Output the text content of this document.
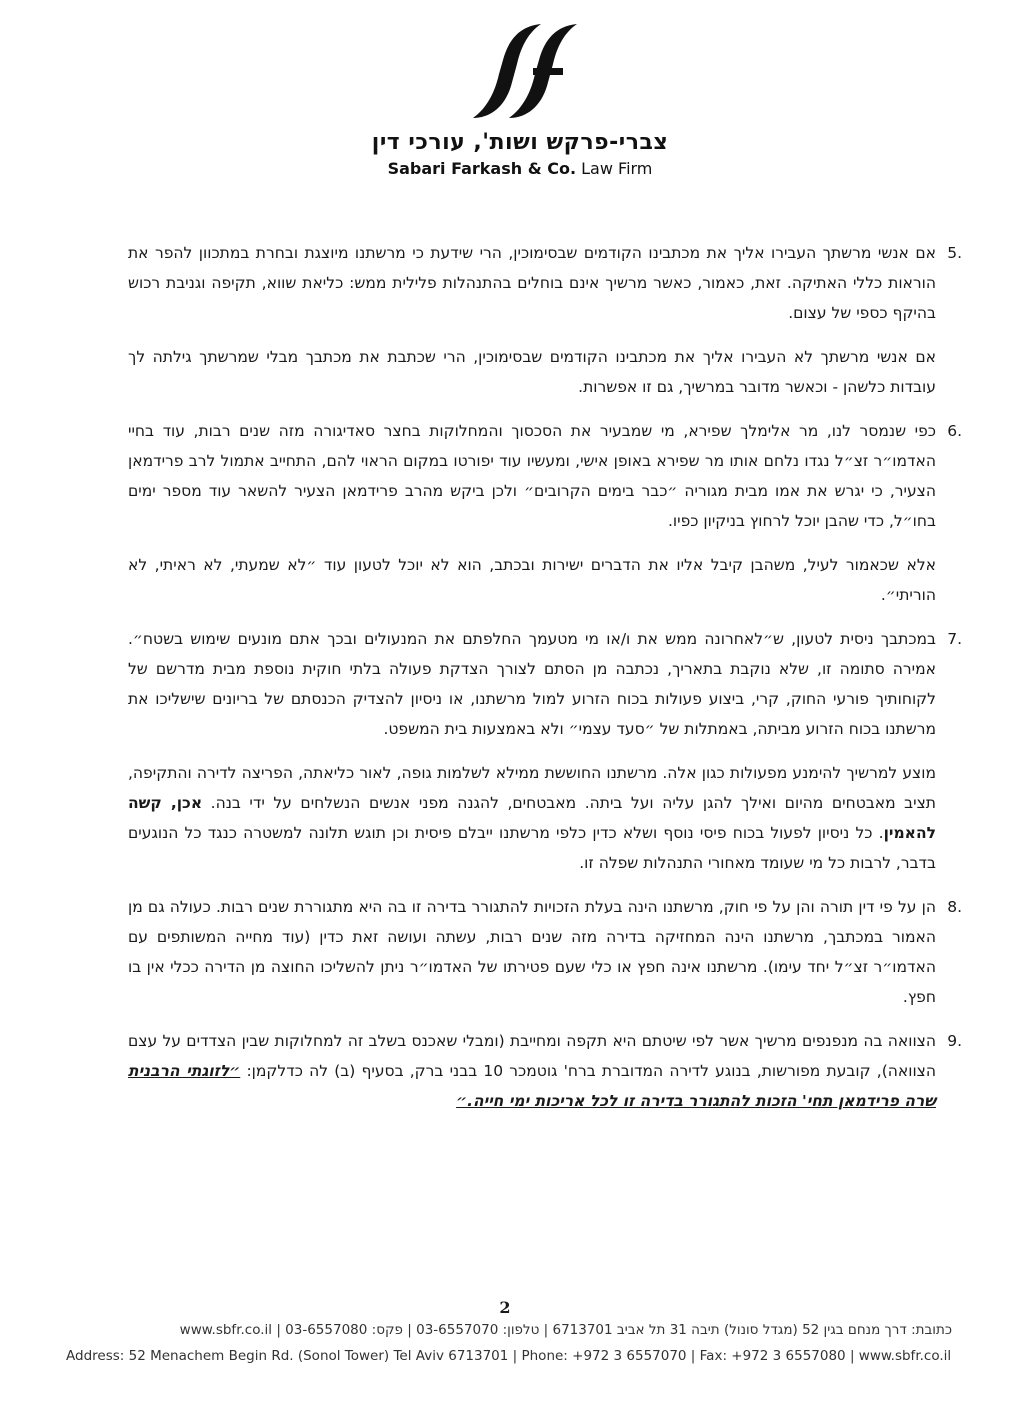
צברי-פרקש ושות', עורכי דין
Sabari Farkash & Co. Law Firm

5.
אם אנשי מרשתך העבירו אליך את מכתבינו הקודמים שבסימוכין, הרי שידעת כי מרשתנו מיוצגת ובחרת במתכוון להפר את הוראות כללי האתיקה. זאת, כאמור, כאשר מרשיך אינם בוחלים בהתנהלות פלילית ממש: כליאת שווא, תקיפה וגניבת רכוש בהיקף כספי של עצום.

אם אנשי מרשתך לא העבירו אליך את מכתבינו הקודמים שבסימוכין, הרי שכתבת את מכתבך מבלי שמרשתך גילתה לך עובדות כלשהן - וכאשר מדובר במרשיך, גם זו אפשרות.

6.
כפי שנמסר לנו, מר אלימלך שפירא, מי שמבעיר את הסכסוך והמחלוקות בחצר סאדיגורה מזה שנים רבות, עוד בחיי האדמו״ר זצ״ל נגדו נלחם אותו מר שפירא באופן אישי, ומעשיו עוד יפורטו במקום הראוי להם, התחייב אתמול לרב פרידמאן הצעיר, כי יגרש את אמו מבית מגוריה ״כבר בימים הקרובים״ ולכן ביקש מהרב פרידמאן הצעיר להשאר עוד מספר ימים בחו״ל, כדי שהבן יוכל לרחוץ בניקיון כפיו.

אלא שכאמור לעיל, משהבן קיבל אליו את הדברים ישירות ובכתב, הוא לא יוכל לטעון עוד ״לא שמעתי, לא ראיתי, לא הוריתי״.

7.
במכתבך ניסית לטעון, ש״לאחרונה ממש את ו/או מי מטעמך החלפתם את המנעולים ובכך אתם מונעים שימוש בשטח״. אמירה סתומה זו, שלא נוקבת בתאריך, נכתבה מן הסתם לצורך הצדקת פעולה בלתי חוקית נוספת מבית מדרשם של לקוחותיך פורעי החוק, קרי, ביצוע פעולות בכוח הזרוע למול מרשתנו, או ניסיון להצדיק הכנסתם של בריונים שישליכו את מרשתנו בכוח הזרוע מביתה, באמתלות של ״סעד עצמי״ ולא באמצעות בית המשפט.

מוצע למרשיך להימנע מפעולות כגון אלה. מרשתנו החוששת ממילא לשלמות גופה, לאור כליאתה, הפריצה לדירה והתקיפה, תציב מאבטחים מהיום ואילך להגן עליה ועל ביתה. מאבטחים, להגנה מפני אנשים הנשלחים על ידי בנה. אכן, קשה להאמין. כל ניסיון לפעול בכוח פיסי נוסף ושלא כדין כלפי מרשתנו ייבלם פיסית וכן תוגש תלונה למשטרה כנגד כל הנוגעים בדבר, לרבות כל מי שעומד מאחורי התנהלות שפלה זו.

8.
הן על פי דין תורה והן על פי חוק, מרשתנו הינה בעלת הזכויות להתגורר בדירה זו בה היא מתגוררת שנים רבות. כעולה גם מן האמור במכתבך, מרשתנו הינה המחזיקה בדירה מזה שנים רבות, עשתה ועושה זאת כדין (עוד מחייה המשותפים עם האדמו״ר זצ״ל יחד עימו). מרשתנו אינה חפץ או כלי שעם פטירתו של האדמו״ר ניתן להשליכו החוצה מן הדירה ככלי אין בו חפץ.

9.
הצוואה בה מנפנפים מרשיך אשר לפי שיטתם היא תקפה ומחייבת (ומבלי שאכנס בשלב זה למחלוקות שבין הצדדים על עצם הצוואה), קובעת מפורשות, בנוגע לדירה המדוברת ברח' גוטמכר 10 בבני ברק, בסעיף (ב) לה כדלקמן: ״לזוגתי הרבנית שרה פרידמאן תחי' הזכות להתגורר בדירה זו לכל אריכות ימי חייה.״

2
כתובת: דרך מנחם בגין 52 (מגדל סונול) תיבה 31 תל אביב 6713701 | טלפון: 03-6557070 | פקס: 03-6557080 | www.sbfr.co.il
Address: 52 Menachem Begin Rd. (Sonol Tower) Tel Aviv 6713701 | Phone: +972 3 6557070 | Fax: +972 3 6557080 | www.sbfr.co.il
